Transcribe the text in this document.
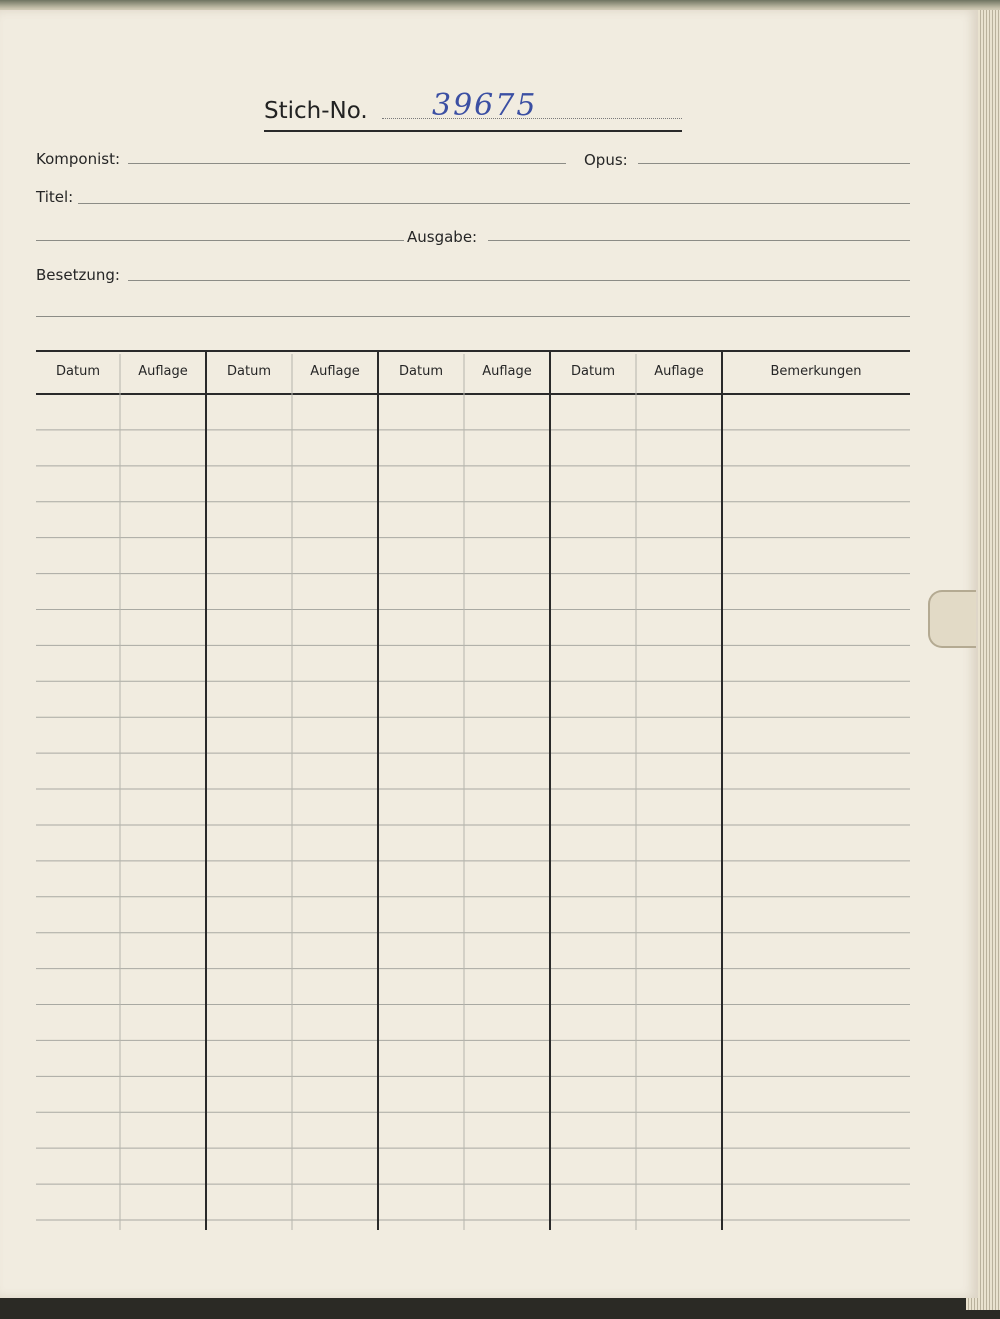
Stich-No. 39675
Komponist:	Opus:
Titel:
Ausgabe:
Besetzung:
Datum	Auflage	Datum	Auflage	Datum	Auflage	Datum	Auflage	Bemerkungen
